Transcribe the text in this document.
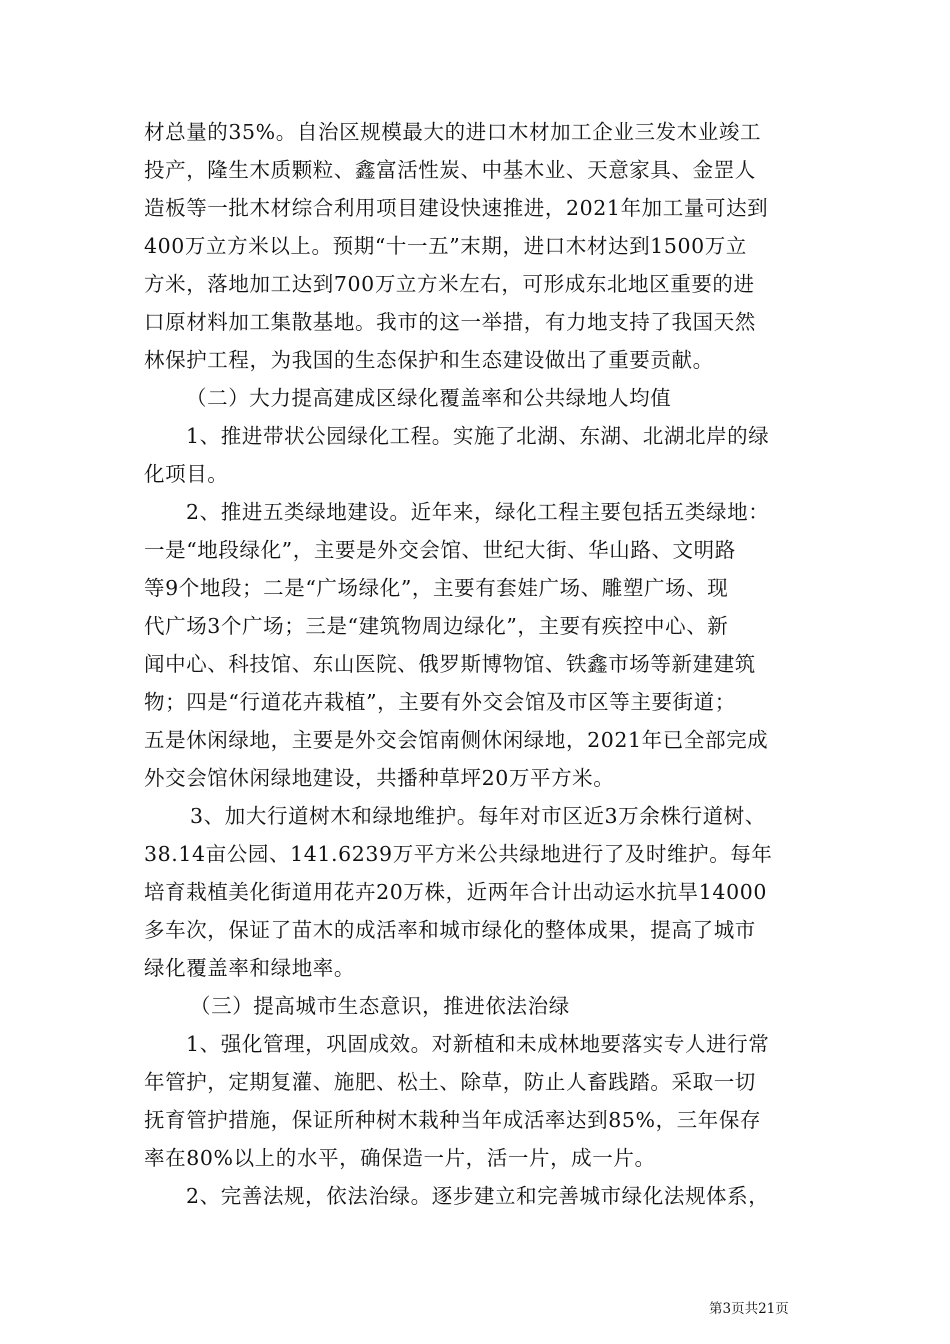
材总量的35%。自治区规模最大的进口木材加工企业三发木业竣工
投产，隆生木质颗粒、鑫富活性炭、中基木业、天意家具、金罡人
造板等一批木材综合利用项目建设快速推进，2021年加工量可达到
400万立方米以上。预期“十一五”末期，进口木材达到1500万立
方米，落地加工达到700万立方米左右，可形成东北地区重要的进
口原材料加工集散基地。我市的这一举措，有力地支持了我国天然
林保护工程，为我国的生态保护和生态建设做出了重要贡献。
（二）大力提高建成区绿化覆盖率和公共绿地人均值
1、推进带状公园绿化工程。实施了北湖、东湖、北湖北岸的绿
化项目。
2、推进五类绿地建设。近年来，绿化工程主要包括五类绿地：
一是“地段绿化”，主要是外交会馆、世纪大街、华山路、文明路
等9个地段；二是“广场绿化”，主要有套娃广场、雕塑广场、现
代广场3个广场；三是“建筑物周边绿化”，主要有疾控中心、新
闻中心、科技馆、东山医院、俄罗斯博物馆、铁鑫市场等新建建筑
物；四是“行道花卉栽植”，主要有外交会馆及市区等主要街道；
五是休闲绿地，主要是外交会馆南侧休闲绿地，2021年已全部完成
外交会馆休闲绿地建设，共播种草坪20万平方米。
3、加大行道树木和绿地维护。每年对市区近3万余株行道树、
38.14亩公园、141.6239万平方米公共绿地进行了及时维护。每年
培育栽植美化街道用花卉20万株，近两年合计出动运水抗旱14000
多车次，保证了苗木的成活率和城市绿化的整体成果，提高了城市
绿化覆盖率和绿地率。
（三）提高城市生态意识，推进依法治绿
1、强化管理，巩固成效。对新植和未成林地要落实专人进行常
年管护，定期复灌、施肥、松土、除草，防止人畜践踏。采取一切
抚育管护措施，保证所种树木栽种当年成活率达到85%，三年保存
率在80%以上的水平，确保造一片，活一片，成一片。
2、完善法规，依法治绿。逐步建立和完善城市绿化法规体系，
第3页共21页
